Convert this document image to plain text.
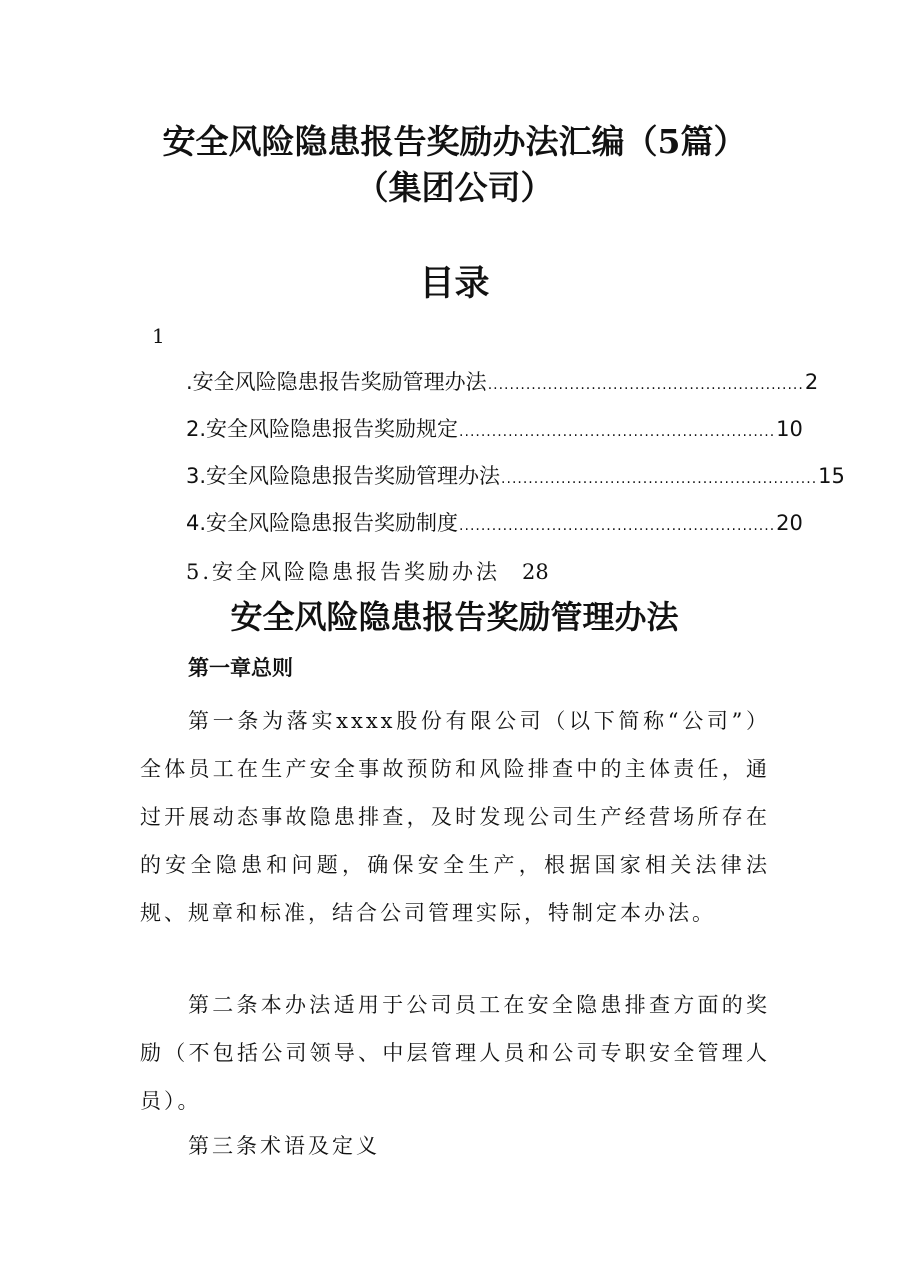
安全风险隐患报告奖励办法汇编（5篇）
（集团公司）
目录
1
.安全风险隐患报告奖励管理办法 .......................................................... 2
2.安全风险隐患报告奖励规定 .......................................................... 10
3.安全风险隐患报告奖励管理办法 .......................................................... 15
4.安全风险隐患报告奖励制度 .......................................................... 20
5.安全风险隐患报告奖励办法 28
安全风险隐患报告奖励管理办法
第一章总则

第一条为落实xxxx股份有限公司（以下简称“公司”）全体员工在生产安全事故预防和风险排查中的主体责任，通过开展动态事故隐患排查，及时发现公司生产经营场所存在的安全隐患和问题，确保安全生产，根据国家相关法律法规、规章和标准，结合公司管理实际，特制定本办法。

第二条本办法适用于公司员工在安全隐患排查方面的奖励（不包括公司领导、中层管理人员和公司专职安全管理人员）。

第三条术语及定义
